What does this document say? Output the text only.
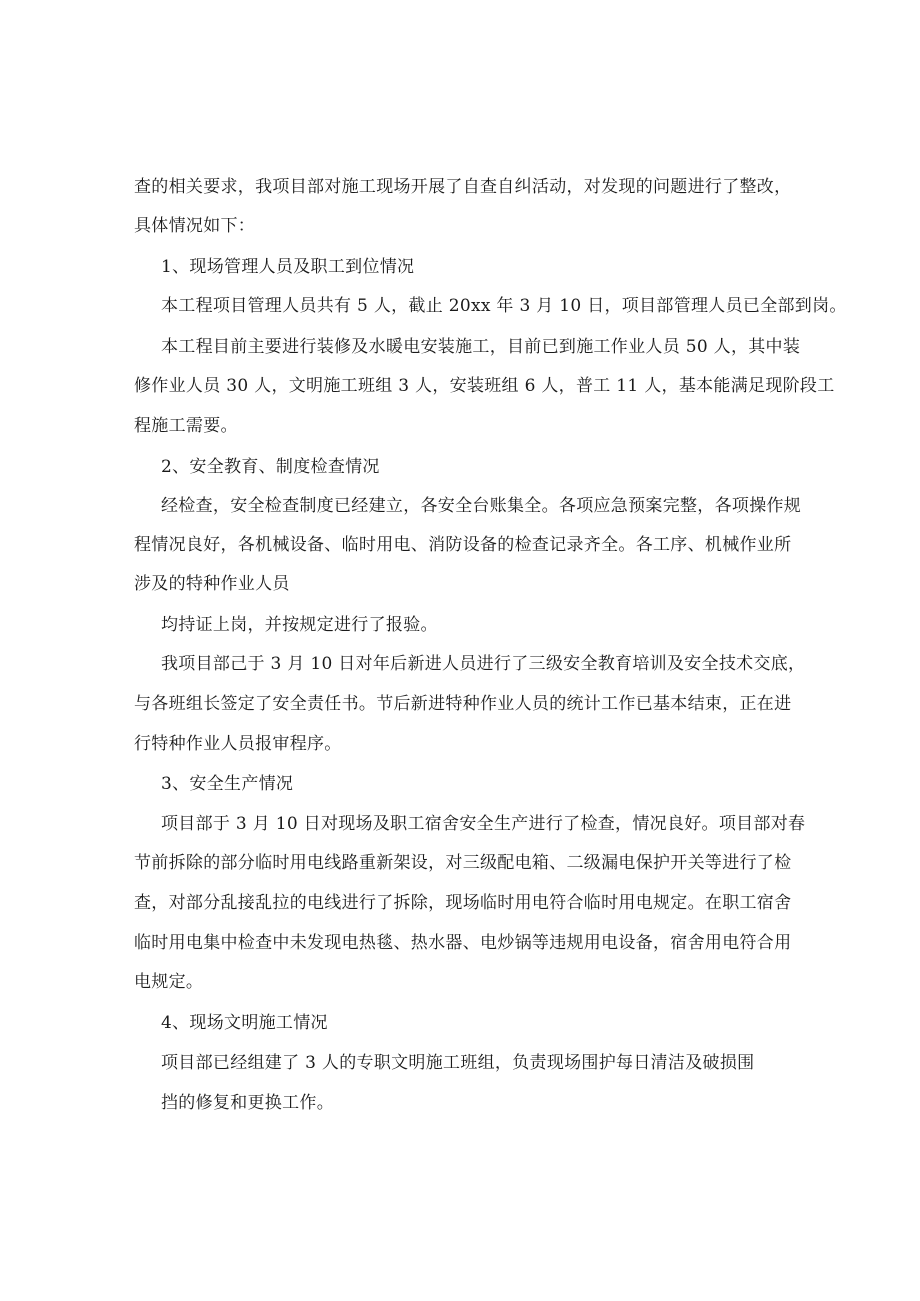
查的相关要求，我项目部对施工现场开展了自查自纠活动，对发现的问题进行了整改，
具体情况如下：
1、现场管理人员及职工到位情况
本工程项目管理人员共有 5 人，截止 20xx 年 3 月 10 日，项目部管理人员已全部到岗。
本工程目前主要进行装修及水暖电安装施工，目前已到施工作业人员 50 人，其中装
修作业人员 30 人，文明施工班组 3 人，安装班组 6 人，普工 11 人，基本能满足现阶段工
程施工需要。
2、安全教育、制度检查情况
经检查，安全检查制度已经建立，各安全台账集全。各项应急预案完整，各项操作规
程情况良好，各机械设备、临时用电、消防设备的检查记录齐全。各工序、机械作业所
涉及的特种作业人员
均持证上岗，并按规定进行了报验。
我项目部己于 3 月 10 日对年后新进人员进行了三级安全教育培训及安全技术交底，
与各班组长签定了安全责任书。节后新进特种作业人员的统计工作已基本结束，正在进
行特种作业人员报审程序。
3、安全生产情况
项目部于 3 月 10 日对现场及职工宿舍安全生产进行了检查，情况良好。项目部对春
节前拆除的部分临时用电线路重新架设，对三级配电箱、二级漏电保护开关等进行了检
查，对部分乱接乱拉的电线进行了拆除，现场临时用电符合临时用电规定。在职工宿舍
临时用电集中检查中未发现电热毯、热水器、电炒锅等违规用电设备，宿舍用电符合用
电规定。
4、现场文明施工情况
项目部已经组建了 3 人的专职文明施工班组，负责现场围护每日清洁及破损围
挡的修复和更换工作。
